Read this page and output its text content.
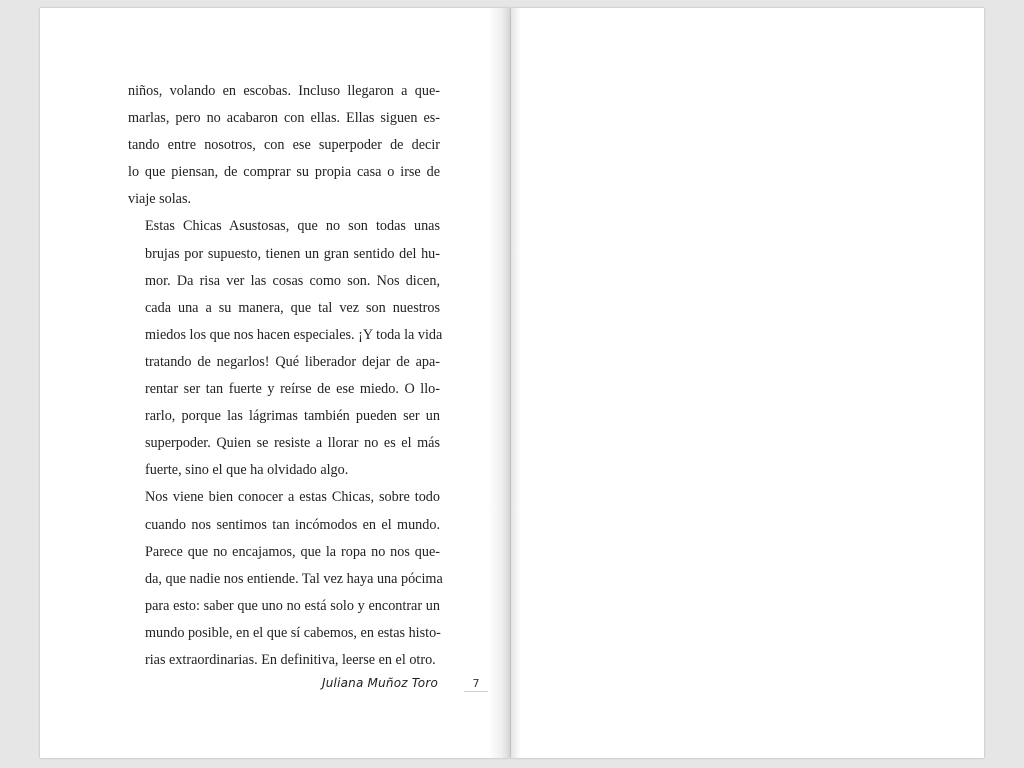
niños, volando en escobas. Incluso llegaron a que-
marlas, pero no acabaron con ellas. Ellas siguen es-
tando entre nosotros, con ese superpoder de decir
lo que piensan, de comprar su propia casa o irse de
viaje solas.

Estas Chicas Asustosas, que no son todas unas
brujas por supuesto, tienen un gran sentido del hu-
mor. Da risa ver las cosas como son. Nos dicen,
cada una a su manera, que tal vez son nuestros
miedos los que nos hacen especiales. ¡Y toda la vida
tratando de negarlos! Qué liberador dejar de apa-
rentar ser tan fuerte y reírse de ese miedo. O llo-
rarlo, porque las lágrimas también pueden ser un
superpoder. Quien se resiste a llorar no es el más
fuerte, sino el que ha olvidado algo.

Nos viene bien conocer a estas Chicas, sobre todo
cuando nos sentimos tan incómodos en el mundo.
Parece que no encajamos, que la ropa no nos que-
da, que nadie nos entiende. Tal vez haya una pócima
para esto: saber que uno no está solo y encontrar un
mundo posible, en el que sí cabemos, en estas histo-
rias extraordinarias. En definitiva, leerse en el otro.

Juliana Muñoz Toro	7
